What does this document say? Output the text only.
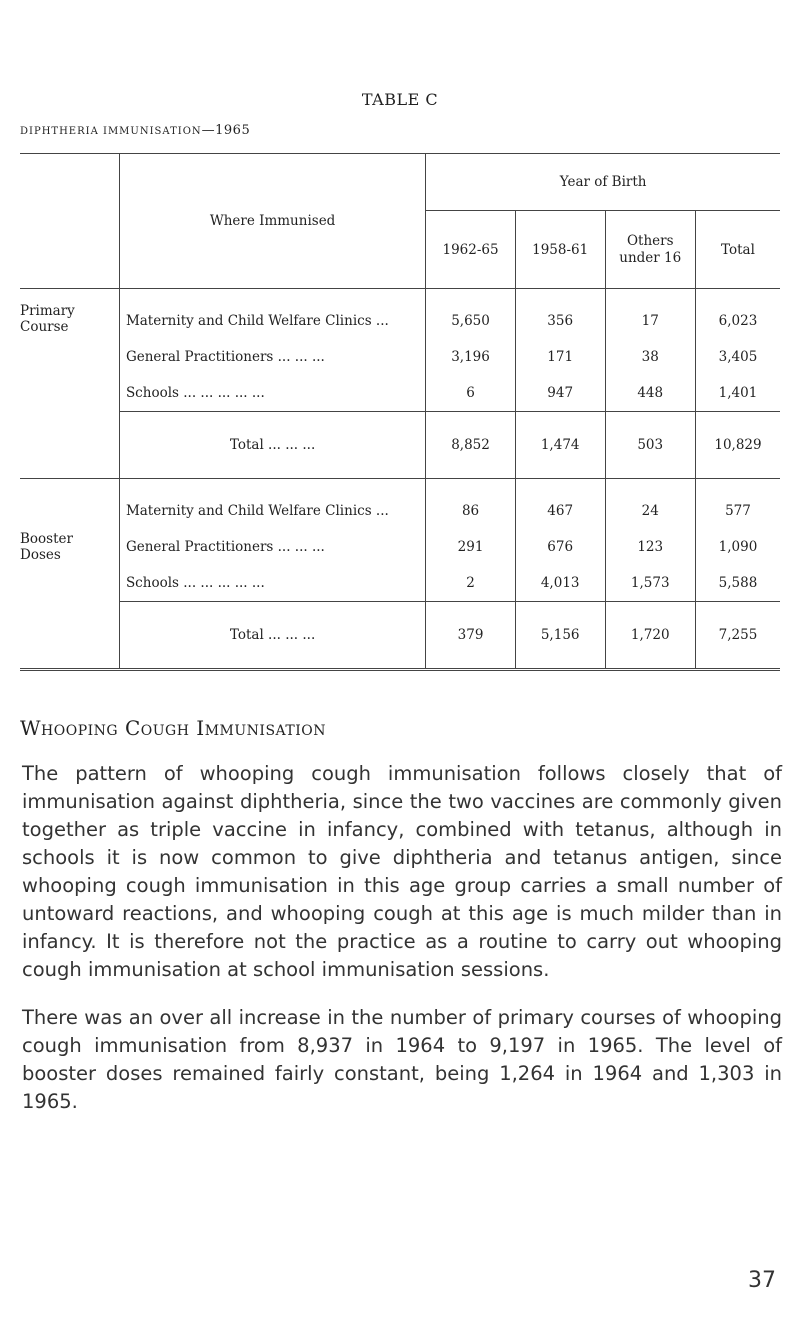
TABLE C
DIPHTHERIA IMMUNISATION—1965
	Where Immunised	Year of Birth			
		1962-65	1958-61	Others under 16	Total

Primary Course	Maternity and Child Welfare Clinics ...	5,650	356	17	6,023
	General Practitioners ... ... ...	3,196	171	38	3,405
	Schools ... ... ... ... ...	6	947	448	1,401
	Total ... ... ...	8,852	1,474	503	10,829

Booster Doses	Maternity and Child Welfare Clinics ...	86	467	24	577
	General Practitioners ... ... ...	291	676	123	1,090
	Schools ... ... ... ... ...	2	4,013	1,573	5,588
	Total ... ... ...	379	5,156	1,720	7,255
Whooping Cough Immunisation

The pattern of whooping cough immunisation follows closely that of immunisation against diphtheria, since the two vaccines are commonly given together as triple vaccine in infancy, combined with tetanus, although in schools it is now common to give diphtheria and tetanus antigen, since whooping cough immunisation in this age group carries a small number of untoward reactions, and whooping cough at this age is much milder than in infancy. It is therefore not the practice as a routine to carry out whooping cough immunisation at school immunisation sessions.

There was an over all increase in the number of primary courses of whooping cough immunisation from 8,937 in 1964 to 9,197 in 1965. The level of booster doses remained fairly constant, being 1,264 in 1964 and 1,303 in 1965.

37
